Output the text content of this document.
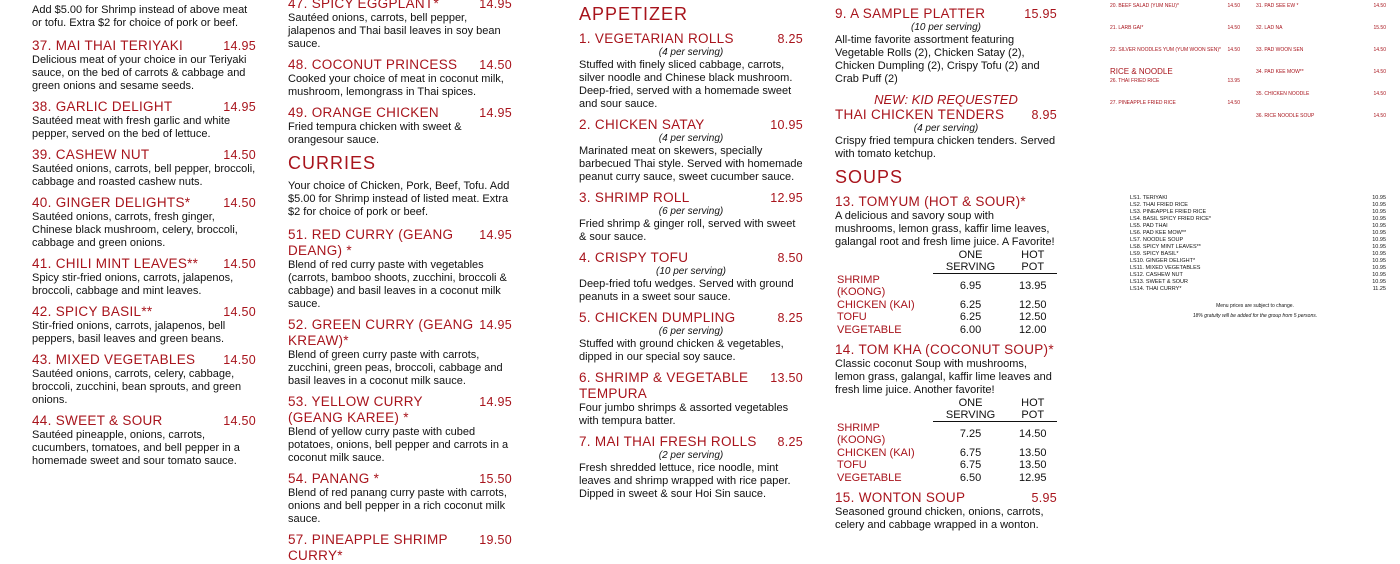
Add $5.00 for Shrimp instead of above meat or tofu. Extra $2 for choice of pork or beef.
37. MAI THAI TERIYAKI	14.95
Delicious meat of your choice in our Teriyaki sauce, on the bed of carrots & cabbage and green onions and sesame seeds.
38. GARLIC DELIGHT	14.95
Sautéed meat with fresh garlic and white pepper, served on the bed of lettuce.
39. CASHEW NUT	14.50
Sautéed onions, carrots, bell pepper, broccoli, cabbage and roasted cashew nuts.
40. GINGER DELIGHTS*	14.50
Sautéed onions, carrots, fresh ginger, Chinese black mushroom, celery, broccoli, cabbage and green onions.
41. CHILI MINT LEAVES** 14.50
Spicy stir-fried onions, carrots, jalapenos, broccoli, cabbage and mint leaves.
42. SPICY BASIL**	14.50
Stir-fried onions, carrots, jalapenos, bell peppers, basil leaves and green beans.
43. MIXED VEGETABLES 14.50
Sautéed onions, carrots, celery, cabbage, broccoli, zucchini, bean sprouts, and green onions.
44. SWEET & SOUR	14.50
Sautéed pineapple, onions, carrots, cucumbers, tomatoes, and bell pepper in a homemade sweet and sour tomato sauce.
47. SPICY EGGPLANT*	14.95
Sautéed onions, carrots, bell pepper, jalapenos and Thai basil leaves in soy bean sauce.
48. COCONUT PRINCESS 14.50
Cooked your choice of meat in coconut milk, mushroom, lemongrass in Thai spices.
49. ORANGE CHICKEN	14.95
Fried tempura chicken with sweet & orangesour sauce.
CURRIES
Your choice of Chicken, Pork, Beef, Tofu. Add $5.00 for Shrimp instead of listed meat. Extra $2 for choice of pork or beef.
51. RED CURRY (GEANG DEANG) *
14.95
Blend of red curry paste with vegetables (carrots, bamboo shoots, zucchini, broccoli & cabbage) and basil leaves in a coconut milk sauce.
52. GREEN CURRY (GEANG KREAW)*
14.95
Blend of green curry paste with carrots, zucchini, green peas, broccoli, cabbage and basil leaves in a coconut milk sauce.
53. YELLOW CURRY (GEANG KAREE) *
14.95
Blend of yellow curry paste with cubed potatoes, onions, bell pepper and carrots in a coconut milk sauce.
54. PANANG *	15.50
Blend of red panang curry paste with carrots, onions and bell pepper in a rich coconut milk sauce.
57. PINEAPPLE SHRIMP CURRY*
19.50
APPETIZER
1. VEGETARIAN ROLLS	8.25
(4 per serving)
Stuffed with finely sliced cabbage, carrots, silver noodle and Chinese black mushroom. Deep-fried, served with a homemade sweet and sour sauce.
2. CHICKEN SATAY	10.95
(4 per serving)
Marinated meat on skewers, specially barbecued Thai style. Served with homemade peanut curry sauce, sweet cucumber sauce.
3. SHRIMP ROLL	12.95
(6 per serving)
Fried shrimp & ginger roll, served with sweet & sour sauce.
4. CRISPY TOFU	8.50
(10 per serving)
Deep-fried tofu wedges. Served with ground peanuts in a sweet sour sauce.
5. CHICKEN DUMPLING	8.25
(6 per serving)
Stuffed with ground chicken & vegetables, dipped in our special soy sauce.
6. SHRIMP & VEGETABLE TEMPURA
13.50
Four jumbo shrimps & assorted vegetables with tempura batter.
7. MAI THAI FRESH ROLLS 8.25
(2 per serving)
Fresh shredded lettuce, rice noodle, mint leaves and shrimp wrapped with rice paper. Dipped in sweet & sour Hoi Sin sauce.
9. A SAMPLE PLATTER	15.95
(10 per serving)
All-time favorite assortment featuring Vegetable Rolls (2), Chicken Satay (2), Chicken Dumpling (2), Crispy Tofu (2) and Crab Puff (2)
NEW: KID REQUESTED
THAI CHICKEN TENDERS 8.95
(4 per serving)
Crispy fried tempura chicken tenders. Served with tomato ketchup.
SOUPS
13. TOMYUM (HOT & SOUR)*
A delicious and savory soup with mushrooms, lemon grass, kaffir lime leaves, galangal root and fresh lime juice. A Favorite!
	ONE SERVING	HOT POT
SHRIMP (KOONG)	6.95	13.95
CHICKEN (KAI)	6.25	12.50
TOFU	6.25	12.50
VEGETABLE	6.00	12.00
14. TOM KHA (COCONUT SOUP)*
Classic coconut Soup with mushrooms, lemon grass, galangal, kaffir lime leaves and fresh lime juice. Another favorite!
	ONE SERVING	HOT POT
SHRIMP (KOONG)	7.25	14.50
CHICKEN (KAI)	6.75	13.50
TOFU	6.75	13.50
VEGETABLE	6.50	12.95
15. WONTON SOUP	5.95
Seasoned ground chicken, onions, carrots, celery and cabbage wrapped in a wonton.
20. BEEF SALAD (YUM NEU)*	14.50
21. LARB GAI*	14.50
22. SILVER NOODLES YUM (YUM WOON SEN)* 14.50
RICE & NOODLE
26. THAI FRIED RICE	13.95
27. PINEAPPLE FRIED RICE	14.50
31. PAD SEE EW *	14.50
32. LAD NA	15.50
33. PAD WOON SEN	14.50
34. PAD KEE MOW**	14.50
35. CHICKEN NOODLE	14.50
36. RICE NOODLE SOUP	14.50
LS1. TERIYAKI	10.95
LS2. THAI FRIED RICE	10.95
LS3. PINEAPPLE FRIED RICE	10.95
LS4. BASIL SPICY FRIED RICE*	10.95
LS5. PAD THAI	10.95
LS6. PAD KEE MOW**	10.95
LS7. NOODLE SOUP	10.95
LS8. SPICY MINT LEAVES**	10.95
LS9. SPICY BASIL*	10.95
LS10. GINGER DELIGHT*	10.95
LS11. MIXED VEGETABLES	10.95
LS12. CASHEW NUT	10.95
LS13. SWEET & SOUR	10.95
LS14. THAI CURRY*	11.25
Menu prices are subject to change.
18% gratuity will be added for the group from 5 persons.
